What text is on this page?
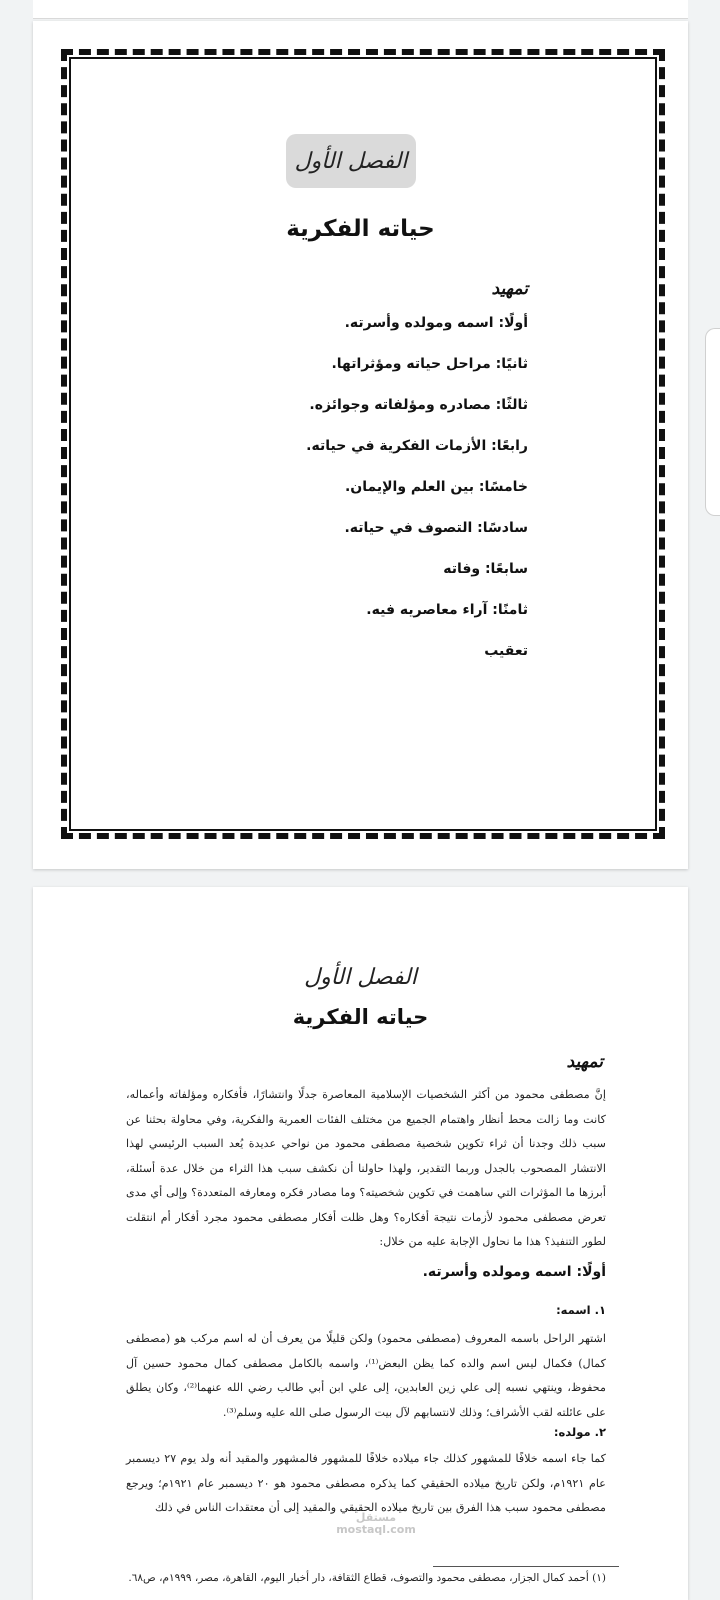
الفصل الأول
حياته الفكرية
تمهيد
أولًا: اسمه ومولده وأسرته.
ثانيًا: مراحل حياته ومؤثراتها.
ثالثًا: مصادره ومؤلفاته وجوائزه.
رابعًا: الأزمات الفكرية في حياته.
خامسًا: بين العلم والإيمان.
سادسًا: التصوف في حياته.
سابعًا: وفاته
ثامنًا: آراء معاصريه فيه.
تعقيب
الفصل الأول
حياته الفكرية
تمهيد

إنَّ مصطفى محمود من أكثر الشخصيات الإسلامية المعاصرة جدلًا وانتشارًا، فأفكاره ومؤلفاته وأعماله، كانت وما زالت محط أنظار واهتمام الجميع من مختلف الفئات العمرية والفكرية، وفي محاولة بحثنا عن سبب ذلك وجدنا أن ثراء تكوين شخصية مصطفى محمود من نواحي عديدة يُعد السبب الرئيسي لهذا الانتشار المصحوب بالجدل وربما التقدير، ولهذا حاولنا أن نكشف سبب هذا الثراء من خلال عدة أسئلة، أبرزها ما المؤثرات التي ساهمت في تكوين شخصيته؟ وما مصادر فكره ومعارفه المتعددة؟ وإلى أي مدى تعرض مصطفى محمود لأزمات نتيجة أفكاره؟ وهل ظلت أفكار مصطفى محمود مجرد أفكار أم انتقلت لطور التنفيذ؟ هذا ما نحاول الإجابة عليه من خلال:

أولًا: اسمه ومولده وأسرته.
١. اسمه:

اشتهر الراحل باسمه المعروف (مصطفى محمود) ولكن قليلًا من يعرف أن له اسم مركب هو (مصطفى كمال) فكمال ليس اسم والده كما يظن البعض⁽¹⁾، واسمه بالكامل مصطفى كمال محمود حسين آل محفوظ، وينتهي نسبه إلى علي زين العابدين، إلى علي ابن أبي طالب رضي الله عنهما⁽²⁾، وكان يطلق على عائلته لقب الأشراف؛ وذلك لانتسابهم لآل بيت الرسول صلى الله عليه وسلم⁽³⁾.

٢. مولده:

كما جاء اسمه خلافًا للمشهور كذلك جاء ميلاده خلافًا للمشهور فالمشهور والمقيد أنه ولد يوم ٢٧ ديسمبر عام ١٩٢١م، ولكن تاريخ ميلاده الحقيقي كما يذكره مصطفى محمود هو ٢٠ ديسمبر عام ١٩٢١م؛ ويرجع مصطفى محمود سبب هذا الفرق بين تاريخ ميلاده الحقيقي والمقيد إلى أن معتقدات الناس في ذلك

مستقل
mostaql.com
(١) أحمد كمال الجزار، مصطفى محمود والتصوف، قطاع الثقافة، دار أخبار اليوم، القاهرة، مصر، ١٩٩٩م، ص٦٨.
